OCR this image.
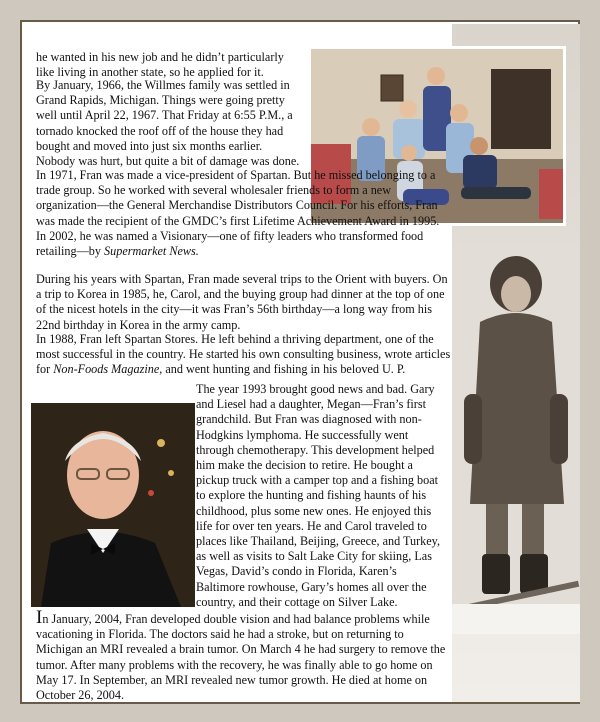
he wanted in his new job and he didn’t particularly like living in another state, so he applied for it.

By January, 1966, the Willmes family was settled in Grand Rapids, Michigan. Things were going pretty well until April 22, 1967. That Friday at 6:55 P.M., a tornado knocked the roof off of the house they had bought and moved into just six months earlier. Nobody was hurt, but quite a bit of damage was done.

In 1971, Fran was made a vice-president of Spartan. But he missed belonging to a trade group. So he worked with several wholesaler friends to form a new organization—the General Merchandise Distributors Council. For his efforts, Fran was made the recipient of the GMDC’s first Lifetime Achievement Award in 1995. In 2002, he was named a Visionary—one of fifty leaders who transformed food retailing—by Supermarket News.

During his years with Spartan, Fran made several trips to the Orient with buyers. On a trip to Korea in 1985, he, Carol, and the buying group had dinner at the top of one of the nicest hotels in the city—it was Fran’s 56th birthday—a long way from his 22nd birthday in Korea in the army camp.

In 1988, Fran left Spartan Stores. He left behind a thriving department, one of the most successful in the country. He started his own consulting business, wrote articles for Non-Foods Magazine, and went hunting and fishing in his beloved U. P.

The year 1993 brought good news and bad. Gary and Liesel had a daughter, Megan—Fran’s first grandchild. But Fran was diagnosed with non-Hodgkins lymphoma. He successfully went through chemotherapy. This development helped him make the decision to retire. He bought a pickup truck with a camper top and a fishing boat to explore the hunting and fishing haunts of his childhood, plus some new ones. He enjoyed this life for over ten years. He and Carol traveled to places like Thailand, Beijing, Greece, and Turkey, as well as visits to Salt Lake City for skiing, Las Vegas, David’s condo in Florida, Karen’s Baltimore rowhouse, Gary’s homes all over the country, and their cottage on Silver Lake.

In January, 2004, Fran developed double vision and had balance problems while vacationing in Florida. The doctors said he had a stroke, but on returning to Michigan an MRI revealed a brain tumor. On March 4 he had surgery to remove the tumor. After many problems with the recovery, he was finally able to go home on May 17. In September, an MRI revealed new tumor growth. He died at home on October 26, 2004.
